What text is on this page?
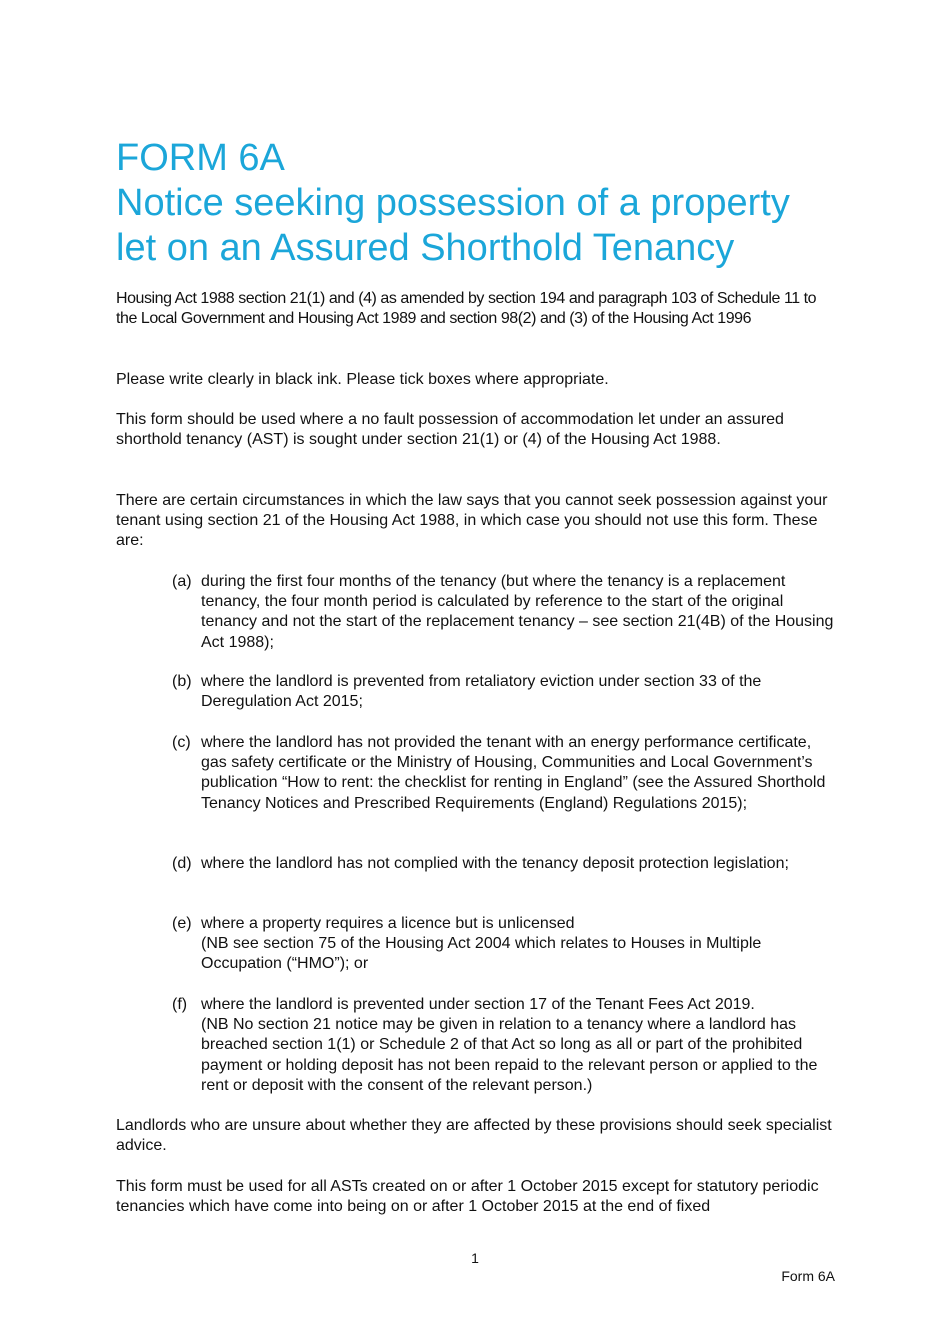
FORM 6A
Notice seeking possession of a property
let on an Assured Shorthold Tenancy

Housing Act 1988 section 21(1) and (4) as amended by section 194 and paragraph 103 of Schedule 11 to the Local Government and Housing Act 1989 and section 98(2) and (3) of the Housing Act 1996

Please write clearly in black ink. Please tick boxes where appropriate.

This form should be used where a no fault possession of accommodation let under an assured shorthold tenancy (AST) is sought under section 21(1) or (4) of the Housing Act 1988.

There are certain circumstances in which the law says that you cannot seek possession against your tenant using section 21 of the Housing Act 1988, in which case you should not use this form. These are:

(a) during the first four months of the tenancy (but where the tenancy is a replacement tenancy, the four month period is calculated by reference to the start of the original tenancy and not the start of the replacement tenancy – see section 21(4B) of the Housing Act 1988);
(b) where the landlord is prevented from retaliatory eviction under section 33 of the Deregulation Act 2015;
(c) where the landlord has not provided the tenant with an energy performance certificate, gas safety certificate or the Ministry of Housing, Communities and Local Government’s publication “How to rent: the checklist for renting in England” (see the Assured Shorthold Tenancy Notices and Prescribed Requirements (England) Regulations 2015);
(d) where the landlord has not complied with the tenancy deposit protection legislation;
(e) where a property requires a licence but is unlicensed
(NB see section 75 of the Housing Act 2004 which relates to Houses in Multiple Occupation (“HMO”); or
(f) where the landlord is prevented under section 17 of the Tenant Fees Act 2019.
(NB No section 21 notice may be given in relation to a tenancy where a landlord has breached section 1(1) or Schedule 2 of that Act so long as all or part of the prohibited payment or holding deposit has not been repaid to the relevant person or applied to the rent or deposit with the consent of the relevant person.)

Landlords who are unsure about whether they are affected by these provisions should seek specialist advice.

This form must be used for all ASTs created on or after 1 October 2015 except for statutory periodic tenancies which have come into being on or after 1 October 2015 at the end of fixed

1
Form 6A
